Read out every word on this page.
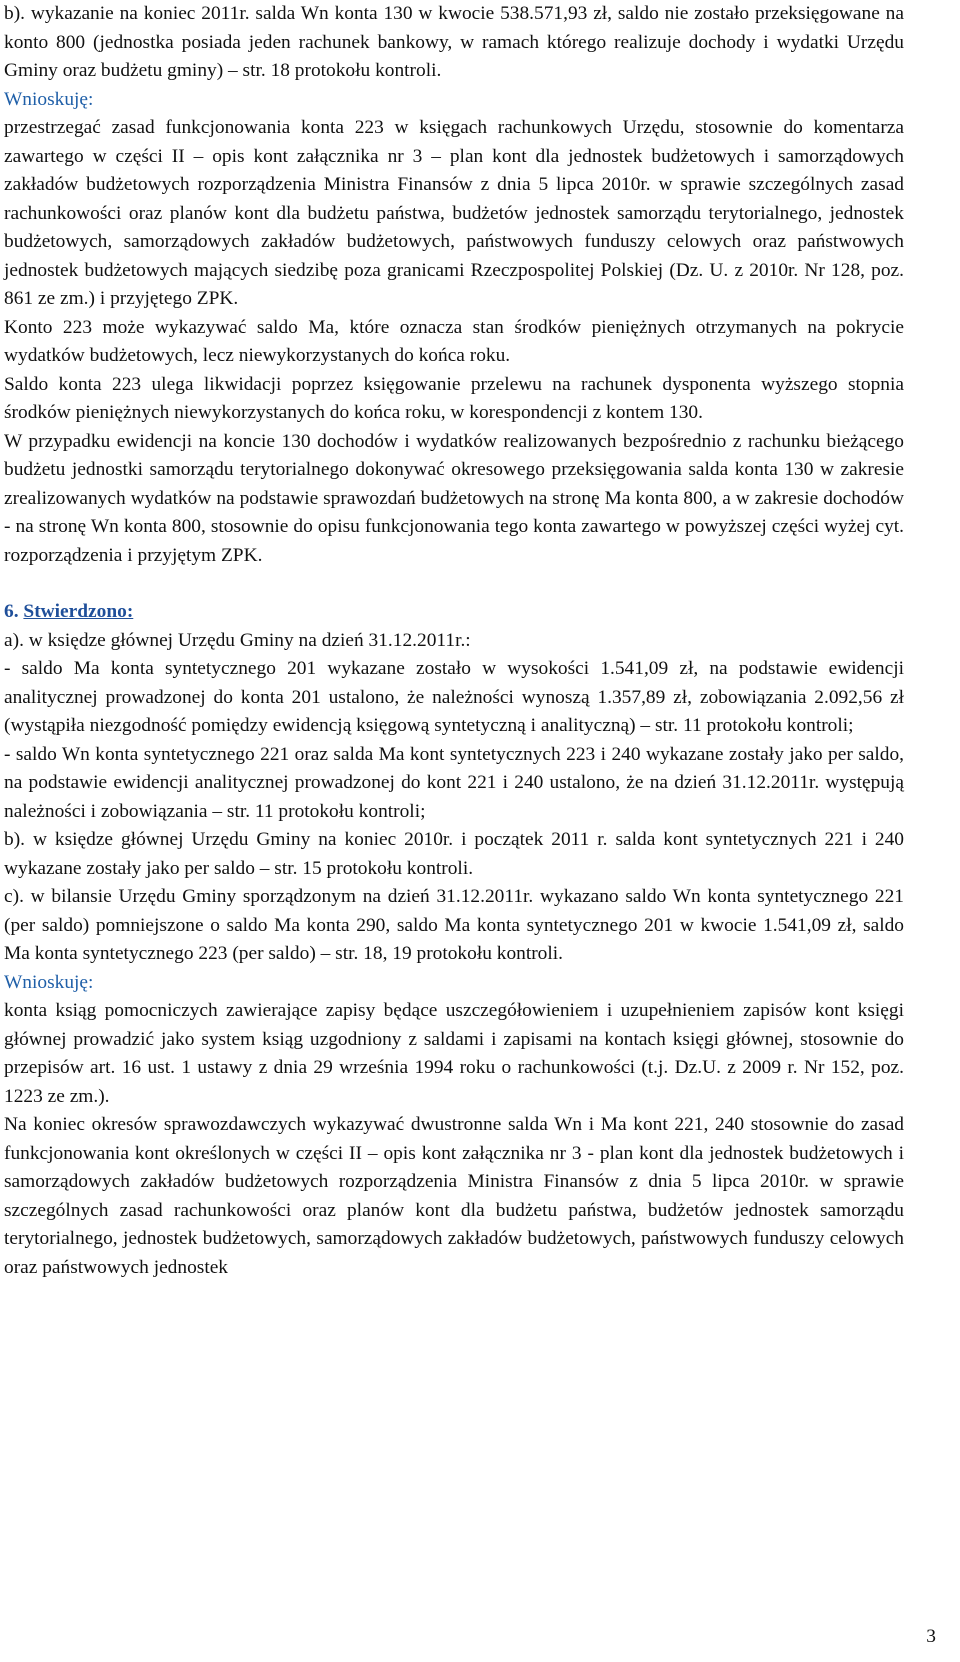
b). wykazanie na koniec 2011r. salda Wn konta 130 w kwocie 538.571,93 zł, saldo nie zostało przeksięgowane na konto 800 (jednostka posiada jeden rachunek bankowy, w ramach którego realizuje dochody i wydatki Urzędu Gminy oraz budżetu gminy) – str. 18 protokołu kontroli.

Wnioskuję:

przestrzegać zasad funkcjonowania konta 223 w księgach rachunkowych Urzędu, stosownie do komentarza zawartego w części II – opis kont załącznika nr 3 – plan kont dla jednostek budżetowych i samorządowych zakładów budżetowych rozporządzenia Ministra Finansów z dnia 5 lipca 2010r. w sprawie szczególnych zasad rachunkowości oraz planów kont dla budżetu państwa, budżetów jednostek samorządu terytorialnego, jednostek budżetowych, samorządowych zakładów budżetowych, państwowych funduszy celowych oraz państwowych jednostek budżetowych mających siedzibę poza granicami Rzeczpospolitej Polskiej (Dz. U. z 2010r. Nr 128, poz. 861 ze zm.) i przyjętego ZPK.

Konto 223 może wykazywać saldo Ma, które oznacza stan środków pieniężnych otrzymanych na pokrycie wydatków budżetowych, lecz niewykorzystanych do końca roku.

Saldo konta 223 ulega likwidacji poprzez księgowanie przelewu na rachunek dysponenta wyższego stopnia środków pieniężnych niewykorzystanych do końca roku, w korespondencji z kontem 130.

W przypadku ewidencji na koncie 130 dochodów i wydatków realizowanych bezpośrednio z rachunku bieżącego budżetu jednostki samorządu terytorialnego dokonywać okresowego przeksięgowania salda konta 130 w zakresie zrealizowanych wydatków na podstawie sprawozdań budżetowych na stronę Ma konta 800, a w zakresie dochodów - na stronę Wn konta 800, stosownie do opisu funkcjonowania tego konta zawartego w powyższej części wyżej cyt. rozporządzenia i przyjętym ZPK.

6. Stwierdzono:

a). w księdze głównej Urzędu Gminy na dzień 31.12.2011r.:

- saldo Ma konta syntetycznego 201 wykazane zostało w wysokości 1.541,09 zł, na podstawie ewidencji analitycznej prowadzonej do konta 201 ustalono, że należności wynoszą 1.357,89 zł, zobowiązania 2.092,56 zł (wystąpiła niezgodność pomiędzy ewidencją księgową syntetyczną i analityczną) – str. 11 protokołu kontroli;

- saldo Wn konta syntetycznego 221 oraz salda Ma kont syntetycznych 223 i 240 wykazane zostały jako per saldo, na podstawie ewidencji analitycznej prowadzonej do kont 221 i 240 ustalono, że na dzień 31.12.2011r. występują należności i zobowiązania – str. 11 protokołu kontroli;

b). w księdze głównej Urzędu Gminy na koniec 2010r. i początek 2011 r. salda kont syntetycznych 221 i 240 wykazane zostały jako per saldo – str. 15 protokołu kontroli.

c). w bilansie Urzędu Gminy sporządzonym na dzień 31.12.2011r. wykazano saldo Wn konta syntetycznego 221 (per saldo) pomniejszone o saldo Ma konta 290, saldo Ma konta syntetycznego 201 w kwocie 1.541,09 zł, saldo Ma konta syntetycznego 223 (per saldo) – str. 18, 19 protokołu kontroli.

Wnioskuję:

konta ksiąg pomocniczych zawierające zapisy będące uszczegółowieniem i uzupełnieniem zapisów kont księgi głównej prowadzić jako system ksiąg uzgodniony z saldami i zapisami na kontach księgi głównej, stosownie do przepisów art. 16 ust. 1 ustawy z dnia 29 września 1994 roku o rachunkowości (t.j. Dz.U. z 2009 r. Nr 152, poz. 1223 ze zm.).

Na koniec okresów sprawozdawczych wykazywać dwustronne salda Wn i Ma kont 221, 240 stosownie do zasad funkcjonowania kont określonych w części II – opis kont załącznika nr 3 - plan kont dla jednostek budżetowych i samorządowych zakładów budżetowych rozporządzenia Ministra Finansów z dnia 5 lipca 2010r. w sprawie szczególnych zasad rachunkowości oraz planów kont dla budżetu państwa, budżetów jednostek samorządu terytorialnego, jednostek budżetowych, samorządowych zakładów budżetowych, państwowych funduszy celowych oraz państwowych jednostek

3
